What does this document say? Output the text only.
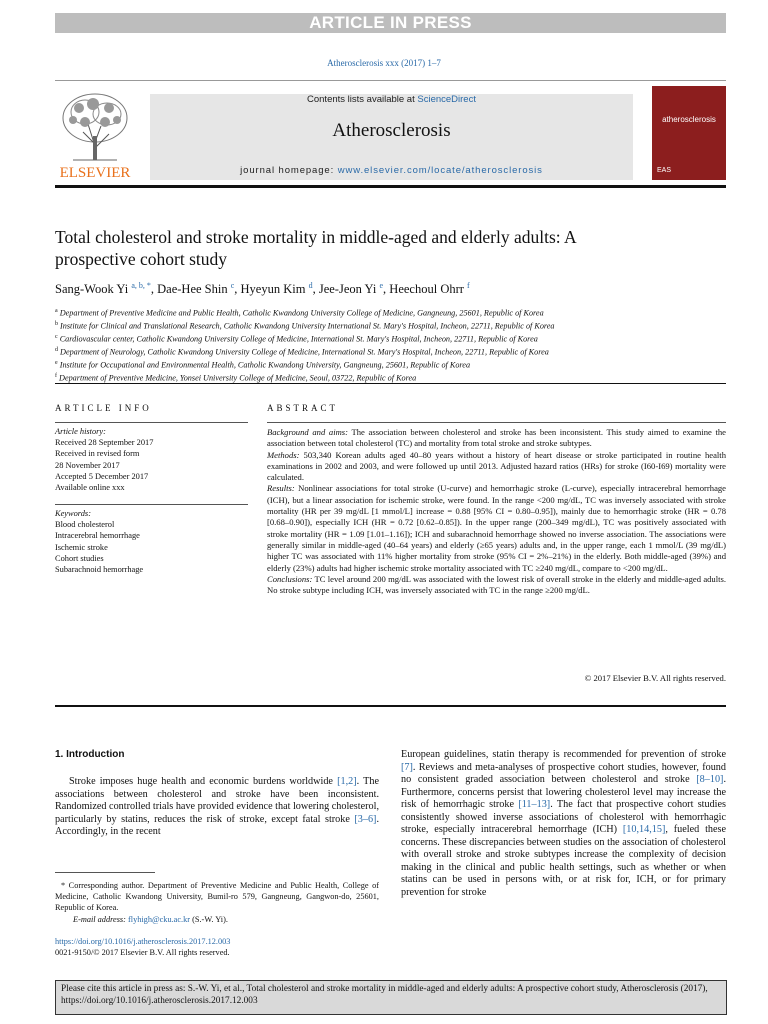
ARTICLE IN PRESS
Atherosclerosis xxx (2017) 1–7
ELSEVIER
Contents lists available at ScienceDirect
Atherosclerosis
journal homepage: www.elsevier.com/locate/atherosclerosis
atherosclerosis
EAS
Total cholesterol and stroke mortality in middle-aged and elderly adults: A prospective cohort study
Sang-Wook Yi $^{a, b, *}$, Dae-Hee Shin $^c$, Hyeyun Kim $^d$, Jee-Jeon Yi $^e$, Heechoul Ohrr $^f$
$^a$ Department of Preventive Medicine and Public Health, Catholic Kwandong University College of Medicine, Gangneung, 25601, Republic of Korea
$^b$ Institute for Clinical and Translational Research, Catholic Kwandong University International St. Mary's Hospital, Incheon, 22711, Republic of Korea
$^c$ Cardiovascular center, Catholic Kwandong University College of Medicine, International St. Mary's Hospital, Incheon, 22711, Republic of Korea
$^d$ Department of Neurology, Catholic Kwandong University College of Medicine, International St. Mary's Hospital, Incheon, 22711, Republic of Korea
$^e$ Institute for Occupational and Environmental Health, Catholic Kwandong University, Gangneung, 25601, Republic of Korea
$^f$ Department of Preventive Medicine, Yonsei University College of Medicine, Seoul, 03722, Republic of Korea
ARTICLE INFO	ABSTRACT
Article history:
Received 28 September 2017
Received in revised form
28 November 2017
Accepted 5 December 2017
Available online xxx
Keywords:
Blood cholesterol
Intracerebral hemorrhage
Ischemic stroke
Cohort studies
Subarachnoid hemorrhage

Background and aims: The association between cholesterol and stroke has been inconsistent. This study aimed to examine the association between total cholesterol (TC) and mortality from total stroke and stroke subtypes.

Methods: 503,340 Korean adults aged 40–80 years without a history of heart disease or stroke participated in routine health examinations in 2002 and 2003, and were followed up until 2013. Adjusted hazard ratios (HRs) for stroke (I60-I69) mortality were calculated.

Results: Nonlinear associations for total stroke (U-curve) and hemorrhagic stroke (L-curve), especially intracerebral hemorrhage (ICH), but a linear association for ischemic stroke, were found. In the range <200 mg/dL, TC was inversely associated with stroke mortality (HR per 39 mg/dL [1 mmol/L] increase = 0.88 [95% CI = 0.80–0.95]), mainly due to hemorrhagic stroke (HR = 0.78 [0.68–0.90]), especially ICH (HR = 0.72 [0.62–0.85]). In the upper range (200–349 mg/dL), TC was positively associated with stroke mortality (HR = 1.09 [1.01–1.16]); ICH and subarachnoid hemorrhage showed no inverse association. The associations were generally similar in middle-aged (40–64 years) and elderly (≥65 years) adults and, in the upper range, each 1 mmol/L (39 mg/dL) higher TC was associated with 11% higher mortality from stroke (95% CI = 2%–21%) in the elderly. Both middle-aged (39%) and elderly (23%) adults had higher ischemic stroke mortality associated with TC ≥240 mg/dL, compare to <200 mg/dL.

Conclusions: TC level around 200 mg/dL was associated with the lowest risk of overall stroke in the elderly and middle-aged adults. No stroke subtype including ICH, was inversely associated with TC in the range ≥200 mg/dL.

© 2017 Elsevier B.V. All rights reserved.
1. Introduction

Stroke imposes huge health and economic burdens worldwide [1,2]. The associations between cholesterol and stroke have been inconsistent. Randomized controlled trials have provided evidence that lowering cholesterol, particularly by statins, reduces the risk of stroke, except fatal stroke [3–6]. Accordingly, in the recent

European guidelines, statin therapy is recommended for prevention of stroke [7]. Reviews and meta-analyses of prospective cohort studies, however, found no consistent graded association between cholesterol and stroke [8–10]. Furthermore, concerns persist that lowering cholesterol level may increase the risk of hemorrhagic stroke [11–13]. The fact that prospective cohort studies consistently showed inverse associations of cholesterol with hemorrhagic stroke, especially intracerebral hemorrhage (ICH) [10,14,15], fueled these concerns. These discrepancies between studies on the association of cholesterol with overall stroke and stroke subtypes increase the complexity of decision making in the clinical and public health settings, such as whether or when statins can be used in persons with, or at risk for, ICH, or for primary prevention for stroke

* Corresponding author. Department of Preventive Medicine and Public Health, College of Medicine, Catholic Kwandong University, Bumil-ro 579, Gangneung, Gangwon-do, 25601, Republic of Korea.
E-mail address: flyhigh@cku.ac.kr (S.-W. Yi).
https://doi.org/10.1016/j.atherosclerosis.2017.12.003
0021-9150/© 2017 Elsevier B.V. All rights reserved.
Please cite this article in press as: S.-W. Yi, et al., Total cholesterol and stroke mortality in middle-aged and elderly adults: A prospective cohort study, Atherosclerosis (2017), https://doi.org/10.1016/j.atherosclerosis.2017.12.003
